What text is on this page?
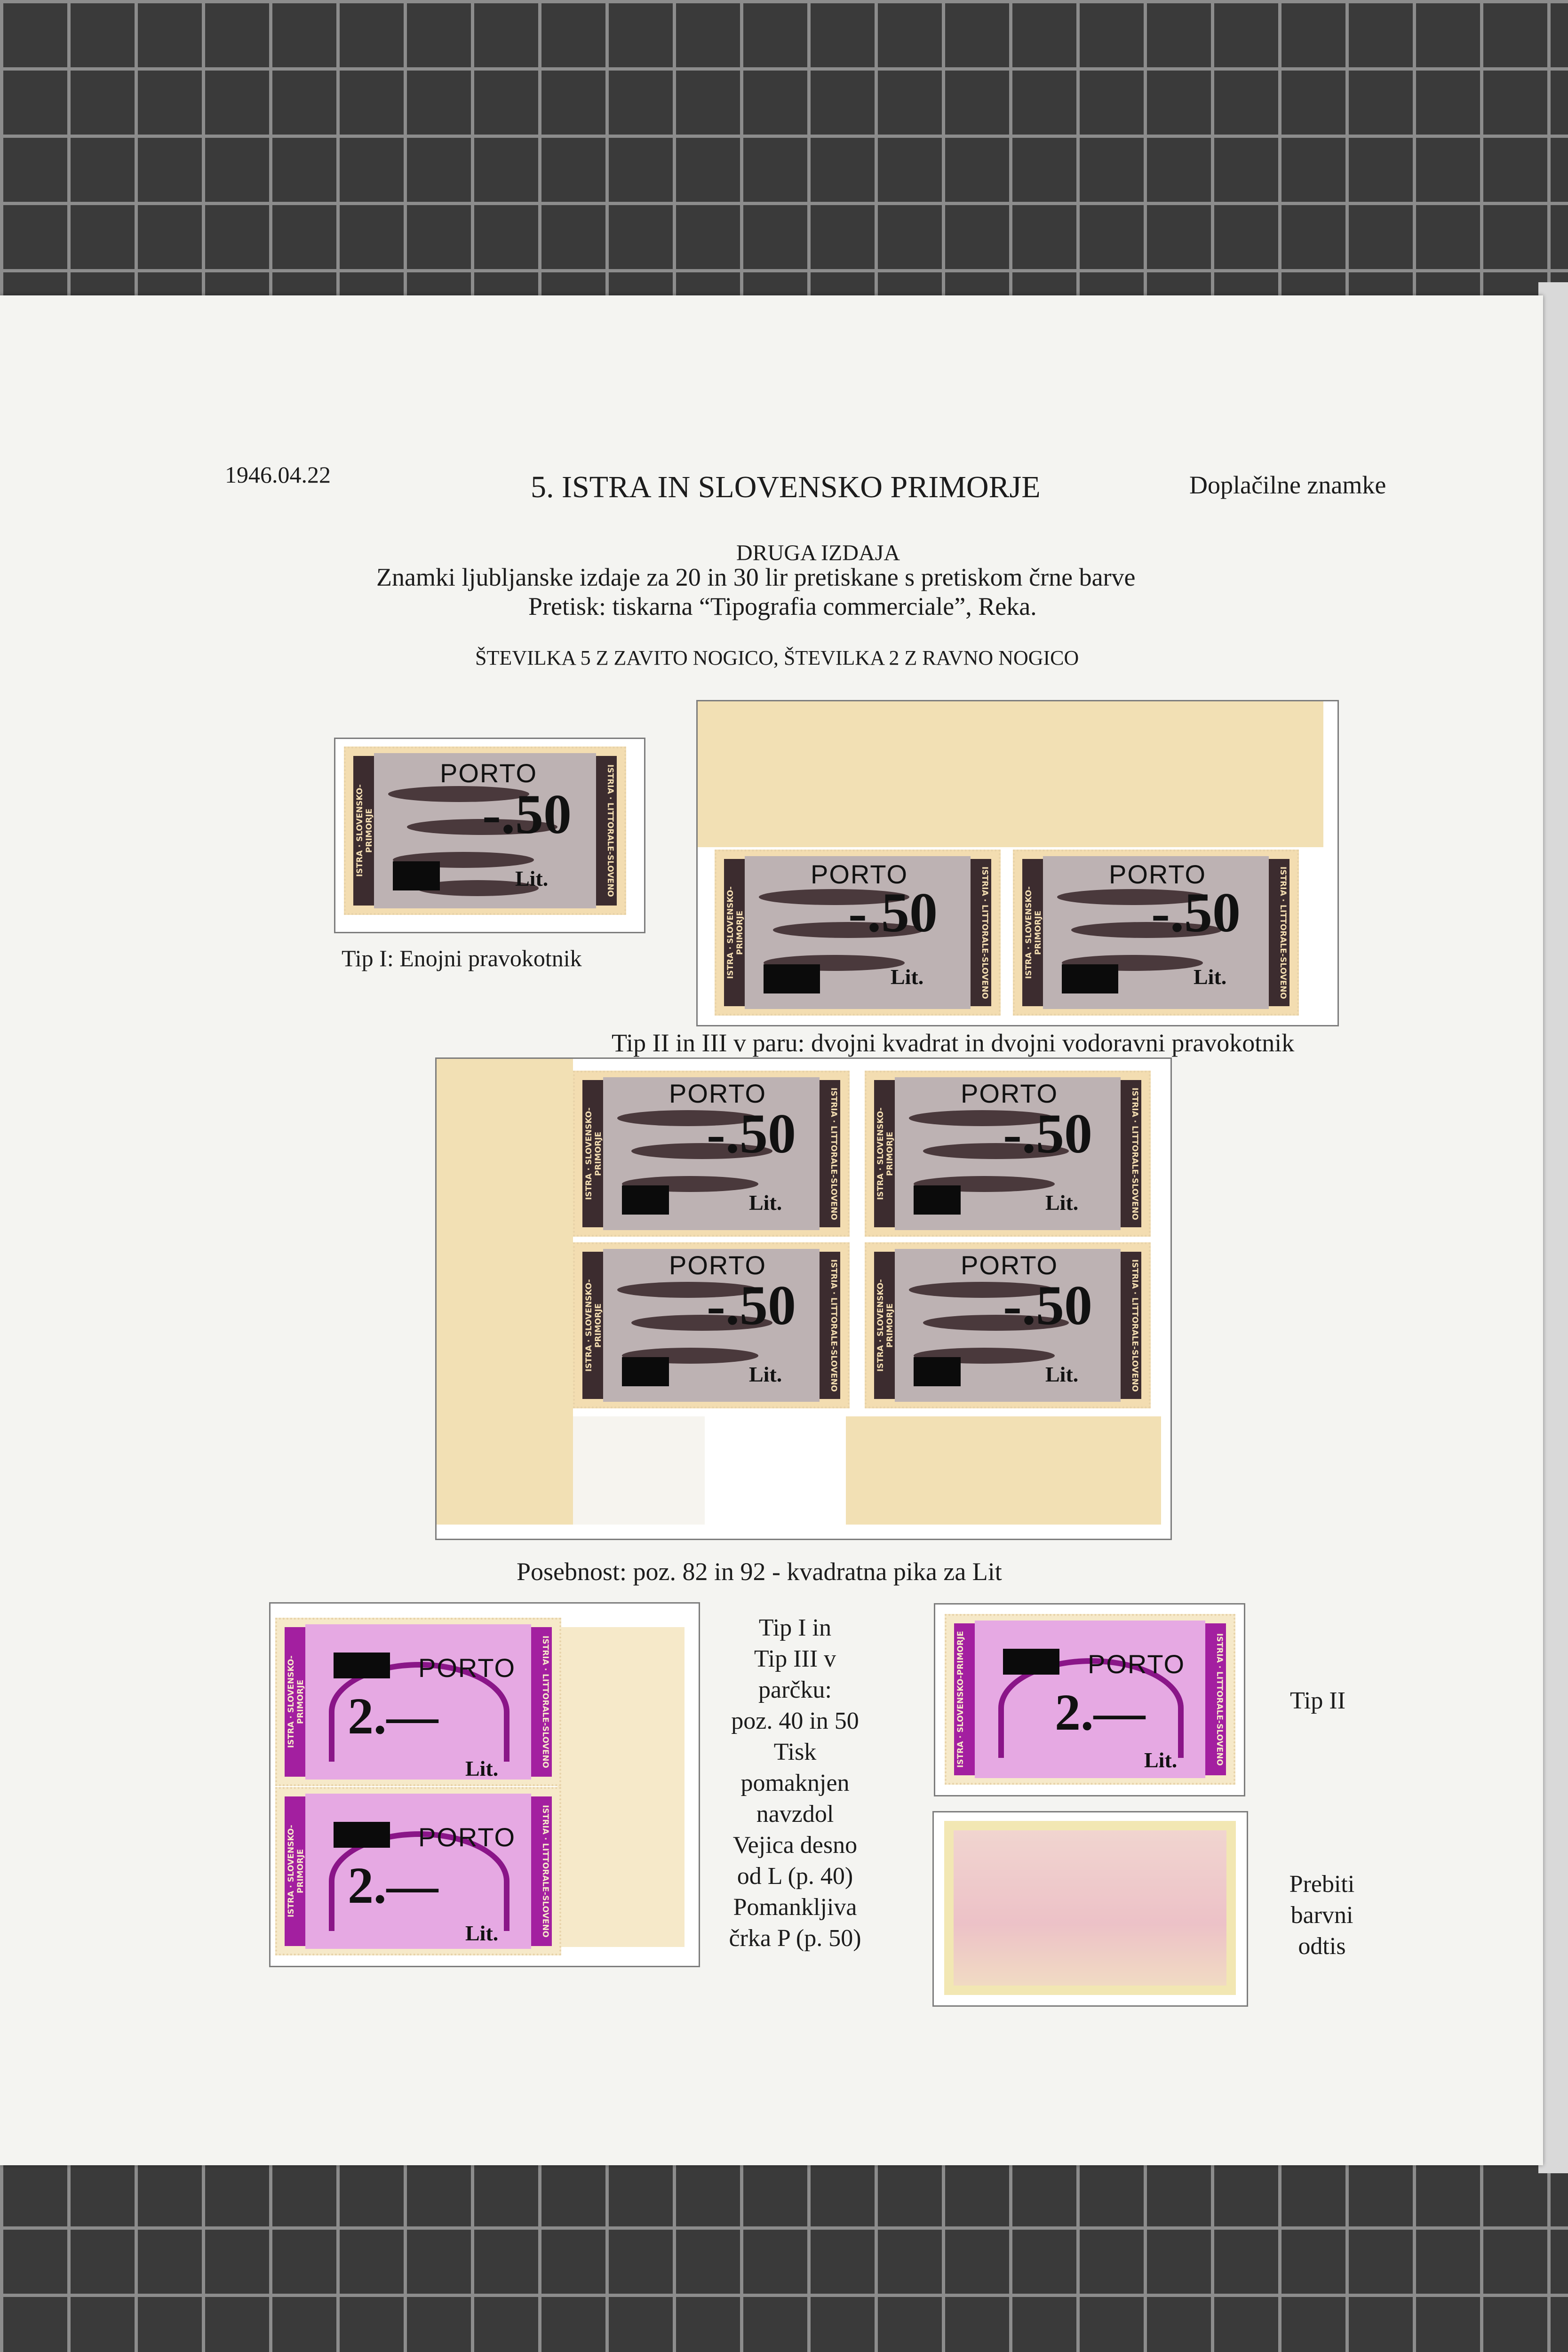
1946.04.22	5. ISTRA IN SLOVENSKO PRIMORJE	Doplačilne znamke
DRUGA IZDAJA
Znamki ljubljanske izdaje za 20 in 30 lir pretiskane s pretiskom črne barve
Pretisk: tiskarna “Tipografia commerciale”, Reka.
ŠTEVILKA 5 Z ZAVITO NOGICO, ŠTEVILKA 2 Z RAVNO NOGICO
ISTRA · SLOVENSKO-PRIMORJE	ISTRIA · LITTORALE-SLOVENO
PORTO
-.50
Lit.
Tip I: Enojni pravokotnik	ISTRA · SLOVENSKO-PRIMORJE	ISTRIA · LITTORALE-SLOVENO
PORTO
-.50
Lit.	ISTRA · SLOVENSKO-PRIMORJE	ISTRIA · LITTORALE-SLOVENO
PORTO
-.50
Lit.
Tip II in III v paru: dvojni kvadrat in dvojni vodoravni pravokotnik
ISTRA · SLOVENSKO-PRIMORJE	ISTRIA · LITTORALE-SLOVENO
PORTO
-.50
Lit.
ISTRA · SLOVENSKO-PRIMORJE	ISTRIA · LITTORALE-SLOVENO
PORTO
-.50
Lit.
ISTRA · SLOVENSKO-PRIMORJE	ISTRIA · LITTORALE-SLOVENO
PORTO
-.50
Lit.
ISTRA · SLOVENSKO-PRIMORJE	ISTRIA · LITTORALE-SLOVENO
PORTO
-.50
Lit.
Posebnost: poz. 82 in 92 - kvadratna pika za Lit
ISTRA · SLOVENSKO-PRIMORJE	ISTRIA · LITTORALE-SLOVENO
PORTO
2.—
Lit.
ISTRA · SLOVENSKO-PRIMORJE	ISTRIA · LITTORALE-SLOVENO
PORTO
2.—
Lit.
Tip I in
Tip III v
parčku:
poz. 40 in 50
Tisk
pomaknjen
navzdol
Vejica desno
od L (p. 40)
Pomankljiva
črka P (p. 50)
ISTRA · SLOVENSKO-PRIMORJE	ISTRIA · LITTORALE-SLOVENO
PORTO
2.—
Lit.
Tip II
Prebiti
barvni
odtis
